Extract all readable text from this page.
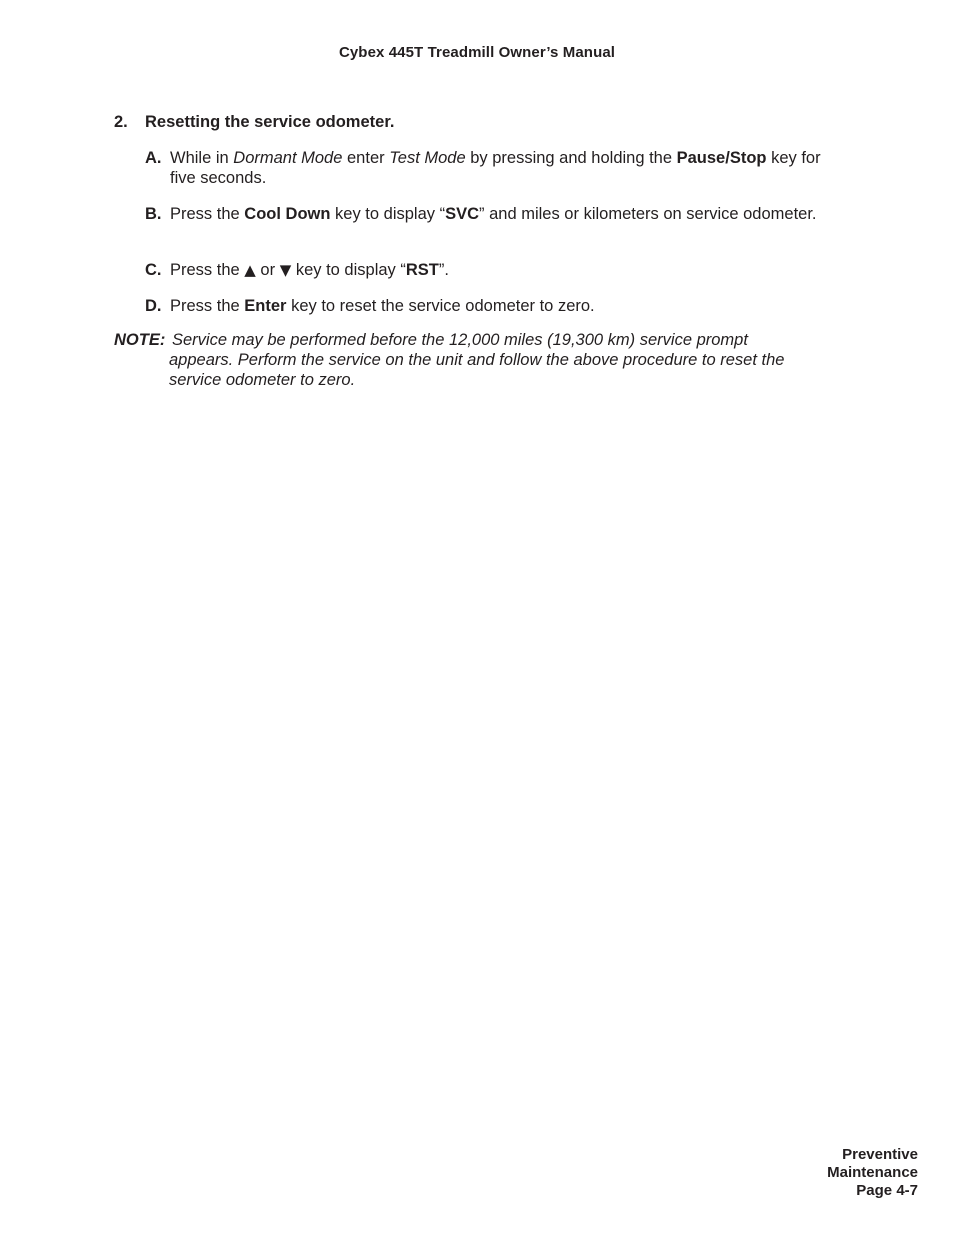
Cybex 445T Treadmill Owner’s Manual
2. Resetting the service odometer.
A. While in Dormant Mode enter Test Mode by pressing and holding the Pause/Stop key for five seconds.
B. Press the Cool Down key to display “SVC” and miles or kilometers on service odometer.
C. Press the ▲ or ▼ key to display “RST”.
D. Press the Enter key to reset the service odometer to zero.
NOTE: Service may be performed before the 12,000 miles (19,300 km) service prompt
appears. Perform the service on the unit and follow the above procedure to reset the service odometer to zero.
Preventive
Maintenance
Page 4-7
